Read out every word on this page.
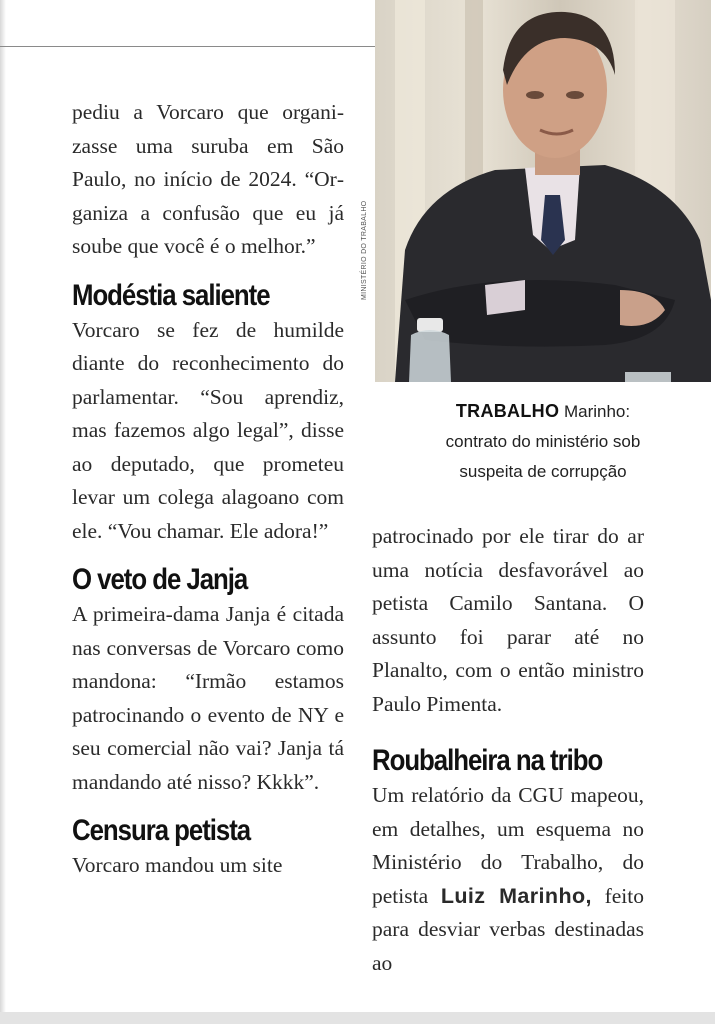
pediu a Vorcaro que organizasse uma suruba em São Paulo, no início de 2024. “Organiza a confusão que eu já soube que você é o melhor.”

Modéstia saliente

Vorcaro se fez de humilde diante do reconhecimento do parlamentar. “Sou aprendiz, mas fazemos algo legal”, disse ao deputado, que prometeu levar um colega alagoano com ele. “Vou chamar. Ele adora!”

O veto de Janja

A primeira-dama Janja é citada nas conversas de Vorcaro como mandona: “Irmão estamos patrocinando o evento de NY e seu comercial não vai? Janja tá mandando até nisso? Kkkk”.

Censura petista

Vorcaro mandou um site

MINISTÉRIO DO TRABALHO
TRABALHO Marinho:
contrato do ministério sob
suspeita de corrupção

patrocinado por ele tirar do ar uma notícia desfavorável ao petista Camilo Santana. O assunto foi parar até no Planalto, com o então ministro Paulo Pimenta.

Roubalheira na tribo

Um relatório da CGU mapeou, em detalhes, um esquema no Ministério do Trabalho, do petista Luiz Marinho, feito para desviar verbas destinadas ao
